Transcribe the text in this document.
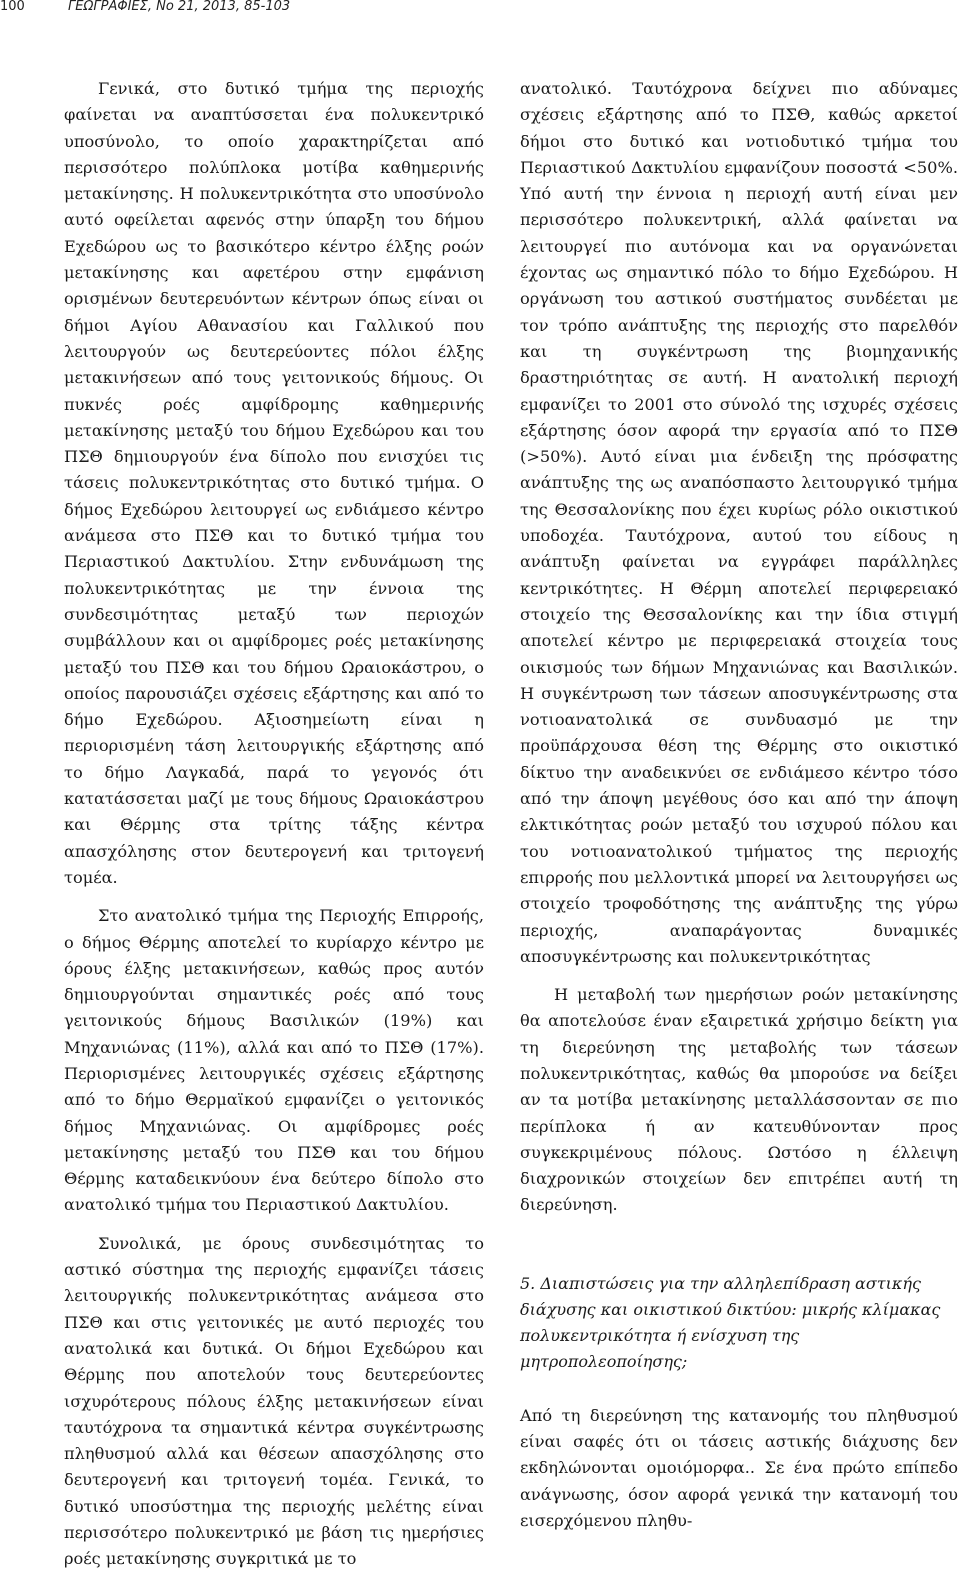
100	ΓΕΩΓΡΑΦΙΕΣ, Νο 21, 2013, 85-103

Γενικά, στο δυτικό τμήμα της περιοχής φαίνεται να αναπτύσσεται ένα πολυκεντρικό υποσύνολο, το οποίο χαρακτηρίζεται από περισσότερο πολύπλοκα μοτίβα καθημερινής μετακίνησης. Η πολυκεντρικότητα στο υποσύνολο αυτό οφείλεται αφενός στην ύπαρξη του δήμου Εχεδώρου ως το βασικότερο κέντρο έλξης ροών μετακίνησης και αφετέρου στην εμφάνιση ορισμένων δευτερευόντων κέντρων όπως είναι οι δήμοι Αγίου Αθανασίου και Γαλλικού που λειτουργούν ως δευτερεύοντες πόλοι έλξης μετακινήσεων από τους γειτονικούς δήμους. Οι πυκνές ροές αμφίδρομης καθημερινής μετακίνησης μεταξύ του δήμου Εχεδώρου και του ΠΣΘ δημιουργούν ένα δίπολο που ενισχύει τις τάσεις πολυκεντρικότητας στο δυτικό τμήμα. Ο δήμος Εχεδώρου λειτουργεί ως ενδιάμεσο κέντρο ανάμεσα στο ΠΣΘ και το δυτικό τμήμα του Περιαστικού Δακτυλίου. Στην ενδυνάμωση της πολυκεντρικότητας με την έννοια της συνδεσιμότητας μεταξύ των περιοχών συμβάλλουν και οι αμφίδρομες ροές μετακίνησης μεταξύ του ΠΣΘ και του δήμου Ωραιοκάστρου, ο οποίος παρουσιάζει σχέσεις εξάρτησης και από το δήμο Εχεδώρου. Αξιοσημείωτη είναι η περιορισμένη τάση λειτουργικής εξάρτησης από το δήμο Λαγκαδά, παρά το γεγονός ότι κατατάσσεται μαζί με τους δήμους Ωραιοκάστρου και Θέρμης στα τρίτης τάξης κέντρα απασχόλησης στον δευτερογενή και τριτογενή τομέα.

Στο ανατολικό τμήμα της Περιοχής Επιρροής, ο δήμος Θέρμης αποτελεί το κυρίαρχο κέντρο με όρους έλξης μετακινήσεων, καθώς προς αυτόν δημιουργούνται σημαντικές ροές από τους γειτονικούς δήμους Βασιλικών (19%) και Μηχανιώνας (11%), αλλά και από το ΠΣΘ (17%). Περιορισμένες λειτουργικές σχέσεις εξάρτησης από το δήμο Θερμαϊκού εμφανίζει ο γειτονικός δήμος Μηχανιώνας. Οι αμφίδρομες ροές μετακίνησης μεταξύ του ΠΣΘ και του δήμου Θέρμης καταδεικνύουν ένα δεύτερο δίπολο στο ανατολικό τμήμα του Περιαστικού Δακτυλίου.

Συνολικά, με όρους συνδεσιμότητας το αστικό σύστημα της περιοχής εμφανίζει τάσεις λειτουργικής πολυκεντρικότητας ανάμεσα στο ΠΣΘ και στις γειτονικές με αυτό περιοχές του ανατολικά και δυτικά. Οι δήμοι Εχεδώρου και Θέρμης που αποτελούν τους δευτερεύοντες ισχυρότερους πόλους έλξης μετακινήσεων είναι ταυτόχρονα τα σημαντικά κέντρα συγκέντρωσης πληθυσμού αλλά και θέσεων απασχόλησης στο δευτερογενή και τριτογενή τομέα. Γενικά, το δυτικό υποσύστημα της περιοχής μελέτης είναι περισσότερο πολυκεντρικό με βάση τις ημερήσιες ροές μετακίνησης συγκριτικά με το

ανατολικό. Ταυτόχρονα δείχνει πιο αδύναμες σχέσεις εξάρτησης από το ΠΣΘ, καθώς αρκετοί δήμοι στο δυτικό και νοτιοδυτικό τμήμα του Περιαστικού Δακτυλίου εμφανίζουν ποσοστά <50%. Υπό αυτή την έννοια η περιοχή αυτή είναι μεν περισσότερο πολυκεντρική, αλλά φαίνεται να λειτουργεί πιο αυτόνομα και να οργανώνεται έχοντας ως σημαντικό πόλο το δήμο Εχεδώρου. Η οργάνωση του αστικού συστήματος συνδέεται με τον τρόπο ανάπτυξης της περιοχής στο παρελθόν και τη συγκέντρωση της βιομηχανικής δραστηριότητας σε αυτή. Η ανατολική περιοχή εμφανίζει το 2001 στο σύνολό της ισχυρές σχέσεις εξάρτησης όσον αφορά την εργασία από το ΠΣΘ (>50%). Αυτό είναι μια ένδειξη της πρόσφατης ανάπτυξης της ως αναπόσπαστο λειτουργικό τμήμα της Θεσσαλονίκης που έχει κυρίως ρόλο οικιστικού υποδοχέα. Ταυτόχρονα, αυτού του είδους η ανάπτυξη φαίνεται να εγγράφει παράλληλες κεντρικότητες. Η Θέρμη αποτελεί περιφερειακό στοιχείο της Θεσσαλονίκης και την ίδια στιγμή αποτελεί κέντρο με περιφερειακά στοιχεία τους οικισμούς των δήμων Μηχανιώνας και Βασιλικών. Η συγκέντρωση των τάσεων αποσυγκέντρωσης στα νοτιοανατολικά σε συνδυασμό με την προϋπάρχουσα θέση της Θέρμης στο οικιστικό δίκτυο την αναδεικνύει σε ενδιάμεσο κέντρο τόσο από την άποψη μεγέθους όσο και από την άποψη ελκτικότητας ροών μεταξύ του ισχυρού πόλου και του νοτιοανατολικού τμήματος της περιοχής επιρροής που μελλοντικά μπορεί να λειτουργήσει ως στοιχείο τροφοδότησης της ανάπτυξης της γύρω περιοχής, αναπαράγοντας δυναμικές αποσυγκέντρωσης και πολυκεντρικότητας

Η μεταβολή των ημερήσιων ροών μετακίνησης θα αποτελούσε έναν εξαιρετικά χρήσιμο δείκτη για τη διερεύνηση της μεταβολής των τάσεων πολυκεντρικότητας, καθώς θα μπορούσε να δείξει αν τα μοτίβα μετακίνησης μεταλλάσσονταν σε πιο περίπλοκα ή αν κατευθύνονταν προς συγκεκριμένους πόλους. Ωστόσο η έλλειψη διαχρονικών στοιχείων δεν επιτρέπει αυτή τη διερεύνηση.

5. Διαπιστώσεις για την αλληλεπίδραση αστικής διάχυσης και οικιστικού δικτύου: μικρής κλίμακας πολυκεντρικότητα ή ενίσχυση της μητροπολεοποίησης;

Από τη διερεύνηση της κατανομής του πληθυσμού είναι σαφές ότι οι τάσεις αστικής διάχυσης δεν εκδηλώνονται ομοιόμορφα.. Σε ένα πρώτο επίπεδο ανάγνωσης, όσον αφορά γενικά την κατανομή του εισερχόμενου πληθυ-
